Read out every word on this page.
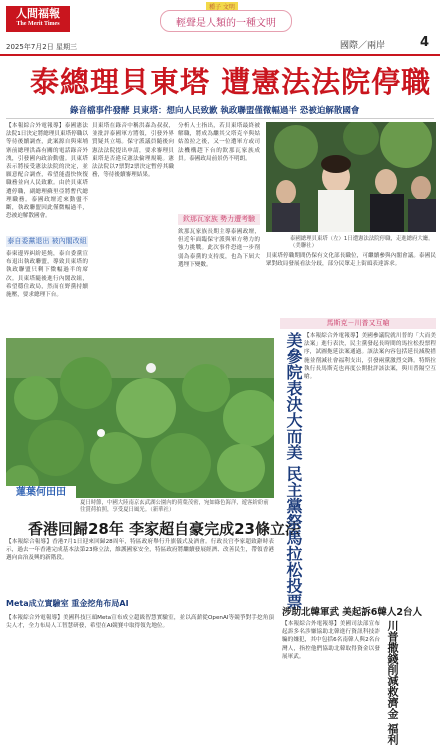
人間福報
The Merit Times
種子 文明
輕聲是人類的一種文明
2025年7月2日 星期三	國際／兩岸	4
泰總理貝東塔 遭憲法法院停職
錄音檔事件發酵 貝東塔：想向人民致歉 執政聯盟僅微幅過半 恐被迫解散國會
【本報綜合外電報導】泰國憲法法院1日決定將總理貝東塔停職以等待後續調查，此案源自與柬埔寨前總理洪森有關的電話錄音外洩，引發國內政治動盪。貝東塔表示將接受憲法法院的決定，並願意配合調查，希望能盡快恢復職務並向人民致歉。由於貝東塔遭停職，副總理蘇里亞將暫代總理職務。泰國政壇近來動盪不斷，執政聯盟因此僅微幅過半，恐被迫解散國會。
泰自委黨退出 被內閣改組
泰柬邊界糾紛延燒，泰自委黨宣布退出執政聯盟，導致貝東塔的執政聯盟只剩下微幅過半的席次。貝東塔隨後進行內閣改組，希望穩住政局，然而在野黨持續施壓，要求總理下台。
貝東塔在錄音中稱洪森為叔叔，並批評泰國軍方將領，引發外界質疑其立場。保守派議員隨後向憲法法院提出申請，要求審理貝東塔是否違反憲法倫理規範。憲法法院以7票對2票決定暫停其職務，等待後續審理結果。
分析人士指出，若貝東塔最終被解職，將成為繼其父塔克辛與姑姑盈拉之後，又一位遭軍方或司法機構趕下台的欽那瓦家族成員。泰國政局前景仍不明朗。
欽那瓦家族 勢力遭考驗
欽那瓦家族長期主導泰國政壇，但近年面臨保守派與軍方勢力的強力挑戰。此次事件恐進一步削弱為泰黨的支持度，也為下屆大選埋下變數。
泰國總理貝東塔（左）1日遭憲法法院停職，走進總府大廳。（美聯社）
貝東塔停職期間仍保有文化部長職位，可繼續參與內閣會議。泰國民眾對政局發展看法分歧，部分民眾走上街頭表達訴求。
蓮葉何田田
夏日時節，中國大陸南京玄武湖公園內的荷葉茂密，宛如綠色海洋，遊客紛紛前往賞荷拍照，享受夏日風光。（新華社）
香港回歸28年 李家超自豪完成23條立法
【本報綜合報導】香港7月1日迎來回歸28周年，特區政府舉行升旗儀式及酒會。行政長官李家超致辭時表示，過去一年香港完成基本法第23條立法，維護國家安全，特區政府將繼續發展經濟、改善民生，帶領香港邁向由治及興的新階段。
Meta成立實驗室 重金挖角布局AI
【本報綜合外電報導】美國科技巨頭Meta宣布成立超級智慧實驗室，並以高薪從OpenAI等競爭對手挖角頂尖人才，全力布局人工智慧研發，希望在AI競賽中取得領先地位。
馬斯克－川普又互嗆
美參院表決大而美 民主黨祭馬拉松投票 【本報綜合外電報導】美國參議院就川普的「大而美法案」進行表決，民主黨發起長時間的馬拉松投票程序，試圖拖延法案通過。該法案內容包括延長減稅措施並削減社會福利支出，引發兩黨激烈交鋒。特斯拉執行長馬斯克也再度公開批評該法案，與川普隔空互嗆。
涉助北韓軍武 美起訴6韓人2台人
川普撒錢削減救濟金 福利
【本報綜合外電報導】美國司法部宣布起訴多名涉嫌協助北韓進行資訊科技詐騙的嫌犯，其中包括6名南韓人與2名台灣人，指控他們協助北韓取得資金以發展軍武。
